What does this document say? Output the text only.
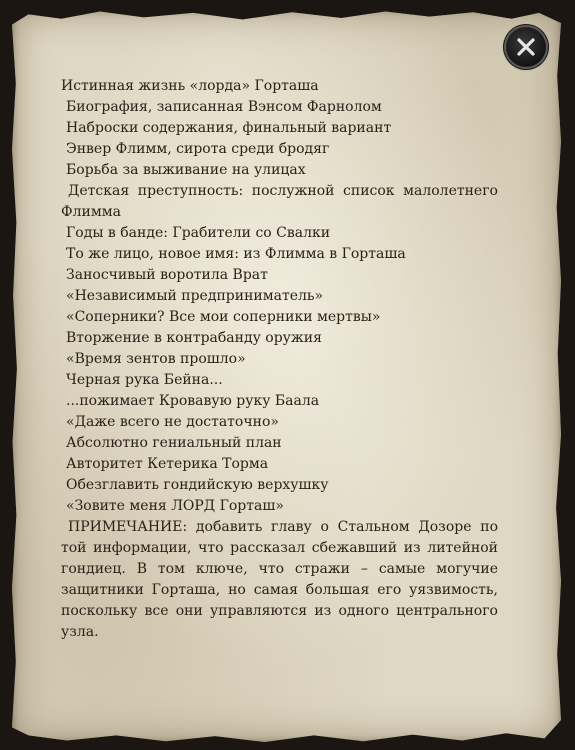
Истинная жизнь «лорда» Горташа
Биография, записанная Вэнсом Фарнолом
Наброски содержания, финальный вариант
Энвер Флимм, сирота среди бродяг
Борьба за выживание на улицах
Детская преступность: послужной список малолетнего Флимма
Годы в банде: Грабители со Свалки
То же лицо, новое имя: из Флимма в Горташа
Заносчивый воротила Врат
«Независимый предприниматель»
«Соперники? Все мои соперники мертвы»
Вторжение в контрабанду оружия
«Время зентов прошло»
Черная рука Бейна...
...пожимает Кровавую руку Баала
«Даже всего не достаточно»
Абсолютно гениальный план
Авторитет Кетерика Торма
Обезглавить гондийскую верхушку
«Зовите меня ЛОРД Горташ»
ПРИМЕЧАНИЕ: добавить главу о Стальном Дозоре по той информации, что рассказал сбежавший из литейной гондиец. В том ключе, что стражи – самые могучие защитники Горташа, но самая большая его уязвимость, поскольку все они управляются из одного центрального узла.
